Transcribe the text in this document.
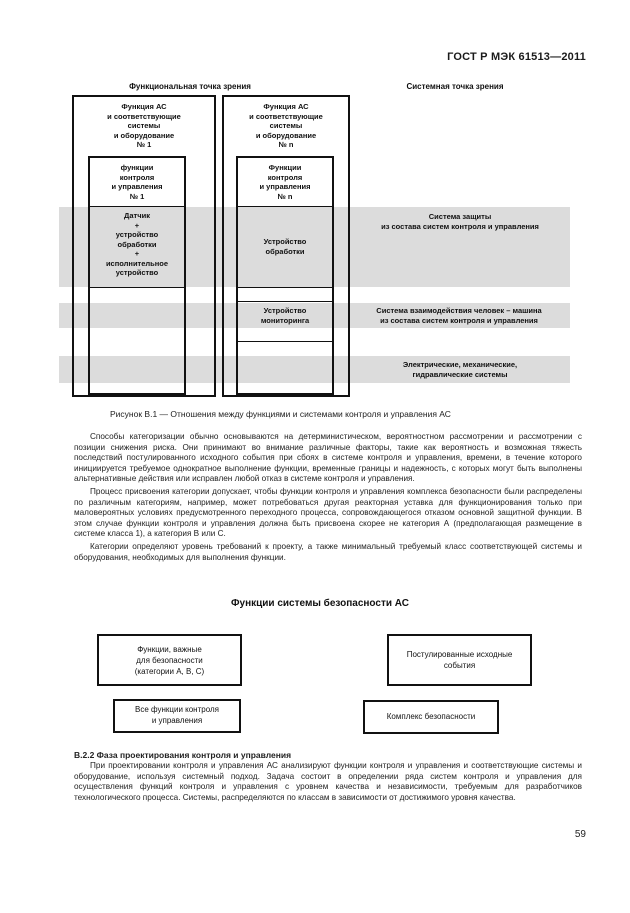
ГОСТ Р МЭК 61513—2011
Функциональная точка зрения	Системная точка зрения
Функция АС
и соответствующие
системы
и оборудование
№ 1
функции
контроля
и управления
№ 1
Датчик
+
устройство
обработки
+
исполнительное
устройство
Функция АС
и соответствующие
системы
и оборудование
№ n
Функции
контроля
и управления
№ n
Устройство
обработки
Устройство
мониторинга
Система защиты
из состава систем контроля и управления
Система взаимодействия человек – машина
из состава систем контроля и управления
Электрические, механические,
гидравлические системы
Рисунок В.1 — Отношения между функциями и системами контроля и управления АС

Способы категоризации обычно основываются на детерминистическом, вероятностном рассмотрении и рассмотрении с позиции снижения риска. Они принимают во внимание различные факторы, такие как вероятность и возможная тяжесть последствий постулированного исходного события при сбоях в системе контроля и управления, времени, в течение которого инициируется требуемое однократное выполнение функции, временные границы и надежность, с которых могут быть выполнены альтернативные действия или исправлен любой отказ в системе контроля и управления.

Процесс присвоения категории допускает, чтобы функции контроля и управления комплекса безопасности были распределены по различным категориям, например, может потребоваться другая реакторная уставка для функционирования только при маловероятных условиях предусмотренного переходного процесса, сопровождающегося отказом основной защитной функции. В этом случае функции контроля и управления должна быть присвоена скорее не категория А (предполагающая размещение в системе класса 1), а категория В или С.

Категории определяют уровень требований к проекту, а также минимальный требуемый класс соответствующей системы и оборудования, необходимых для выполнения функции.

Функции системы безопасности АС
Функции, важные
для безопасности
(категории А, В, С)
Постулированные исходные
события
Все функции контроля
и управления	Комплекс безопасности
В.2.2 Фаза проектирования контроля и управления

При проектировании контроля и управления АС анализируют функции контроля и управления и соответствующие системы и оборудование, используя системный подход. Задача состоит в определении ряда систем контроля и управления для осуществления функций контроля и управления с уровнем качества и независимости, требуемым для разработчиков технологического процесса. Системы, распределяются по классам в зависимости от достижимого уровня качества.

59
